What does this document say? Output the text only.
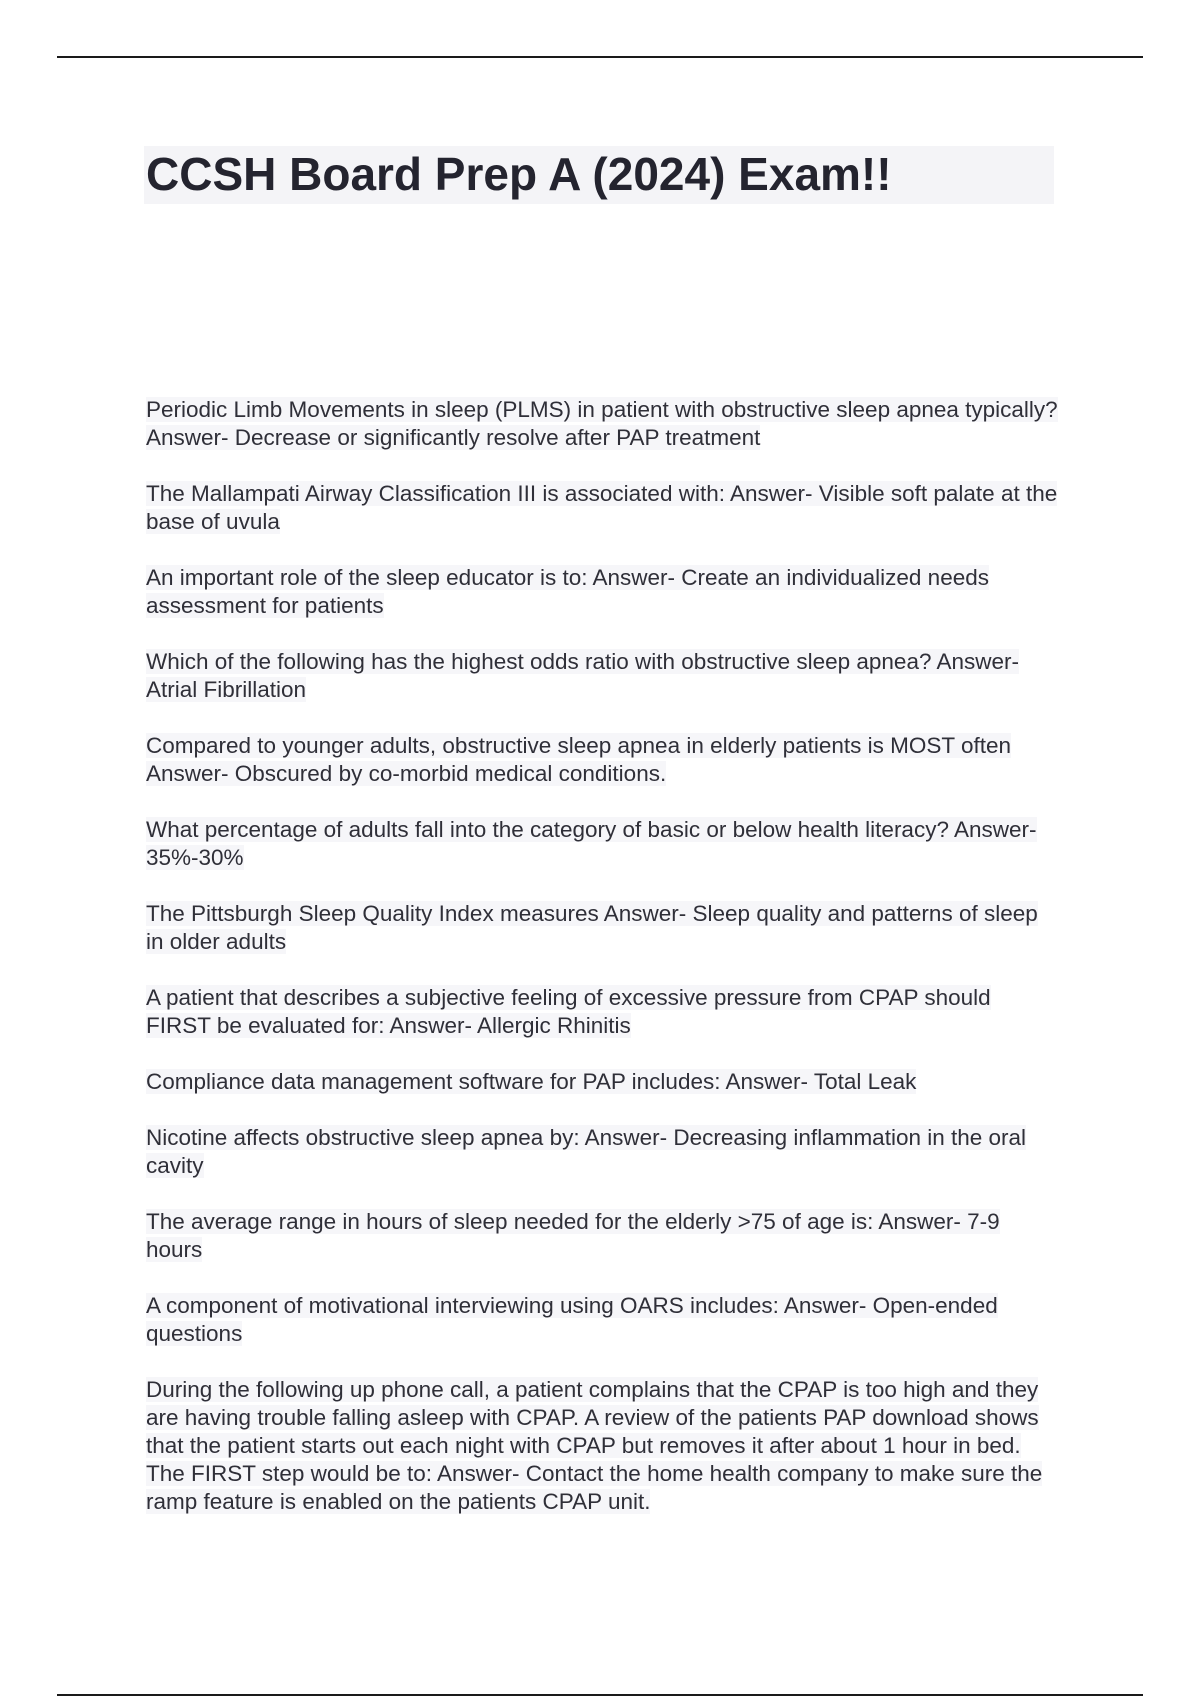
CCSH Board Prep A (2024) Exam!!

Periodic Limb Movements in sleep (PLMS) in patient with obstructive sleep apnea typically? Answer- Decrease or significantly resolve after PAP treatment

The Mallampati Airway Classification III is associated with: Answer- Visible soft palate at the base of uvula

An important role of the sleep educator is to: Answer- Create an individualized needs assessment for patients

Which of the following has the highest odds ratio with obstructive sleep apnea? Answer- Atrial Fibrillation

Compared to younger adults, obstructive sleep apnea in elderly patients is MOST often Answer- Obscured by co-morbid medical conditions.

What percentage of adults fall into the category of basic or below health literacy? Answer- 35%-30%

The Pittsburgh Sleep Quality Index measures Answer- Sleep quality and patterns of sleep in older adults

A patient that describes a subjective feeling of excessive pressure from CPAP should FIRST be evaluated for: Answer- Allergic Rhinitis

Compliance data management software for PAP includes: Answer- Total Leak

Nicotine affects obstructive sleep apnea by: Answer- Decreasing inflammation in the oral cavity

The average range in hours of sleep needed for the elderly >75 of age is: Answer- 7-9 hours

A component of motivational interviewing using OARS includes: Answer- Open-ended questions

During the following up phone call, a patient complains that the CPAP is too high and they are having trouble falling asleep with CPAP. A review of the patients PAP download shows that the patient starts out each night with CPAP but removes it after about 1 hour in bed. The FIRST step would be to: Answer- Contact the home health company to make sure the ramp feature is enabled on the patients CPAP unit.
